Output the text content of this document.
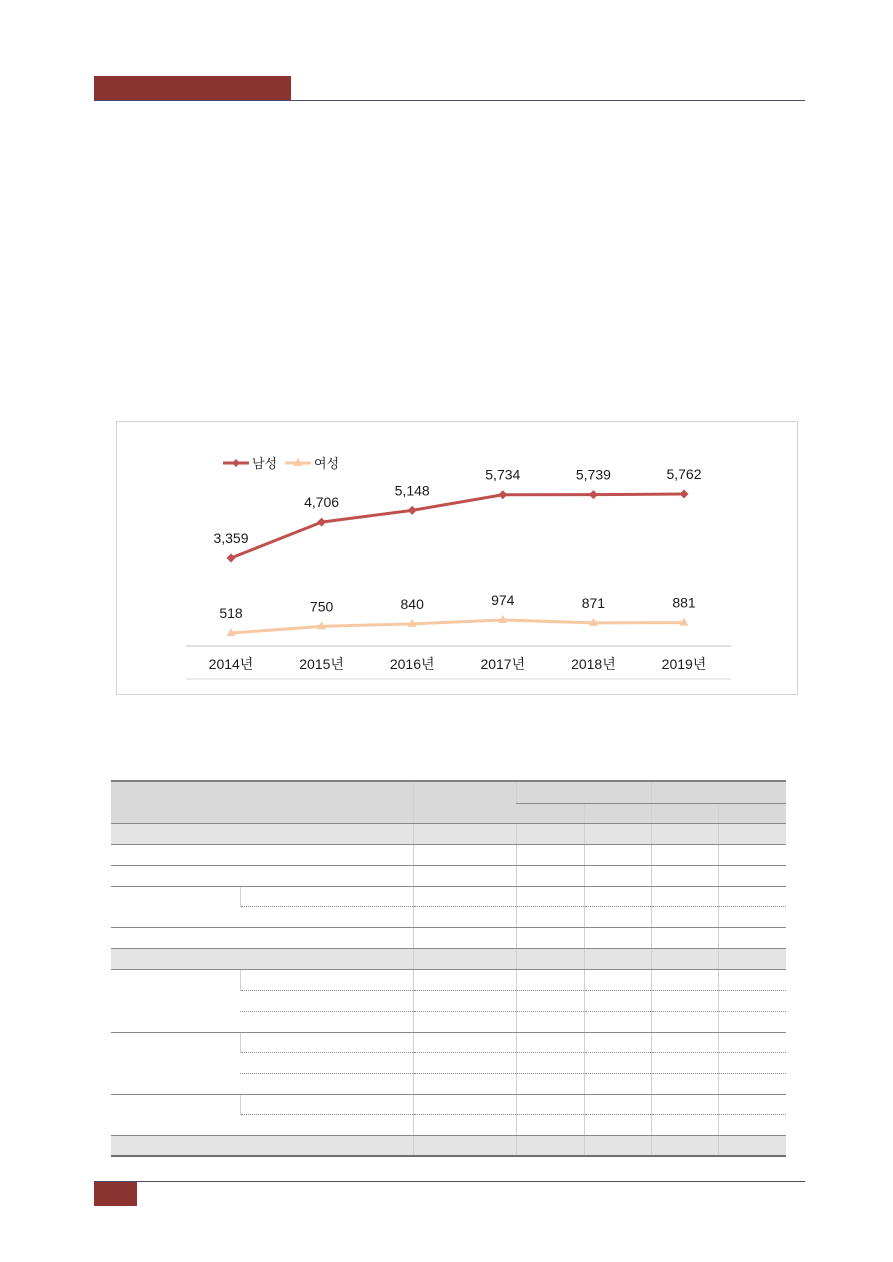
2014년	2015년	2016년	2017년	2018년	2019년
3,359
4,706
5,148
5,734	5,739	5,762
518	750	840	974	871	881
남성	여성
